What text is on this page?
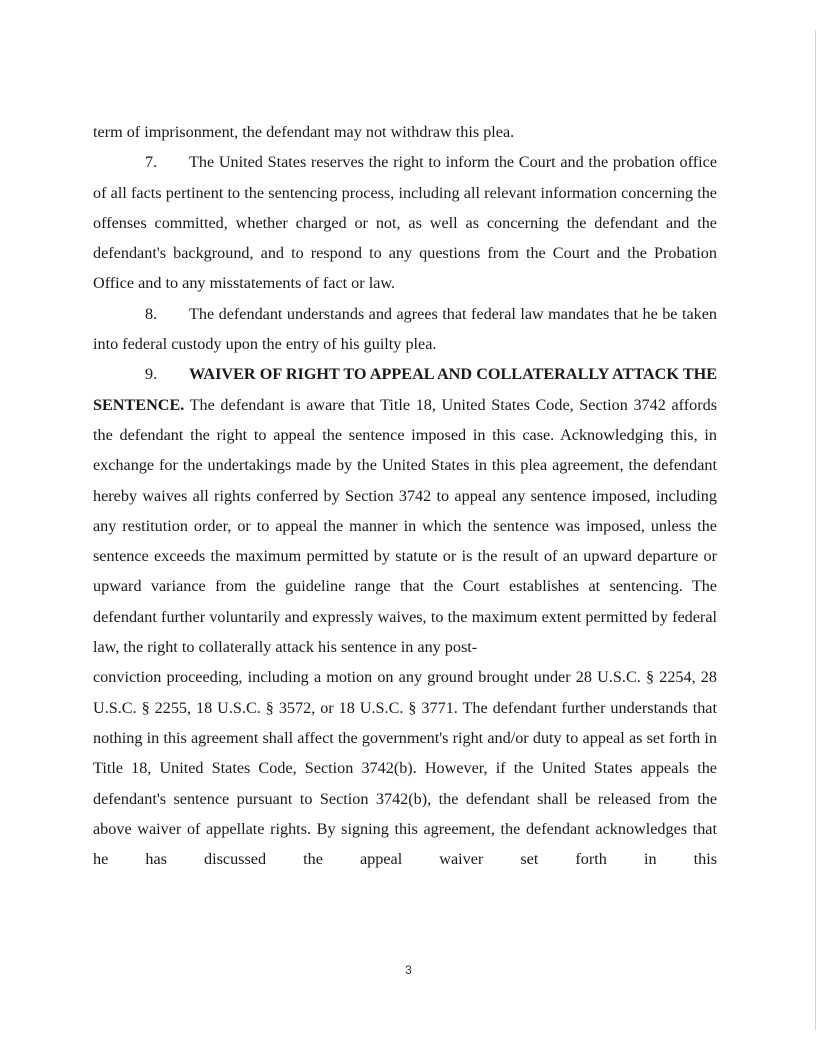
term of imprisonment, the defendant may not withdraw this plea.

7. The United States reserves the right to inform the Court and the probation office of all facts pertinent to the sentencing process, including all relevant information concerning the offenses committed, whether charged or not, as well as concerning the defendant and the defendant's background, and to respond to any questions from the Court and the Probation Office and to any misstatements of fact or law.

8. The defendant understands and agrees that federal law mandates that he be taken into federal custody upon the entry of his guilty plea.

9. WAIVER OF RIGHT TO APPEAL AND COLLATERALLY ATTACK THE SENTENCE. The defendant is aware that Title 18, United States Code, Section 3742 affords the defendant the right to appeal the sentence imposed in this case. Acknowledging this, in exchange for the undertakings made by the United States in this plea agreement, the defendant hereby waives all rights conferred by Section 3742 to appeal any sentence imposed, including any restitution order, or to appeal the manner in which the sentence was imposed, unless the sentence exceeds the maximum permitted by statute or is the result of an upward departure or upward variance from the guideline range that the Court establishes at sentencing. The defendant further voluntarily and expressly waives, to the maximum extent permitted by federal law, the right to collaterally attack his sentence in any post-

conviction proceeding, including a motion on any ground brought under 28 U.S.C. § 2254, 28 U.S.C. § 2255, 18 U.S.C. § 3572, or 18 U.S.C. § 3771. The defendant further understands that nothing in this agreement shall affect the government's right and/or duty to appeal as set forth in Title 18, United States Code, Section 3742(b). However, if the United States appeals the defendant's sentence pursuant to Section 3742(b), the defendant shall be released from the above waiver of appellate rights. By signing this agreement, the defendant acknowledges that he has discussed the appeal waiver set forth in this

3
